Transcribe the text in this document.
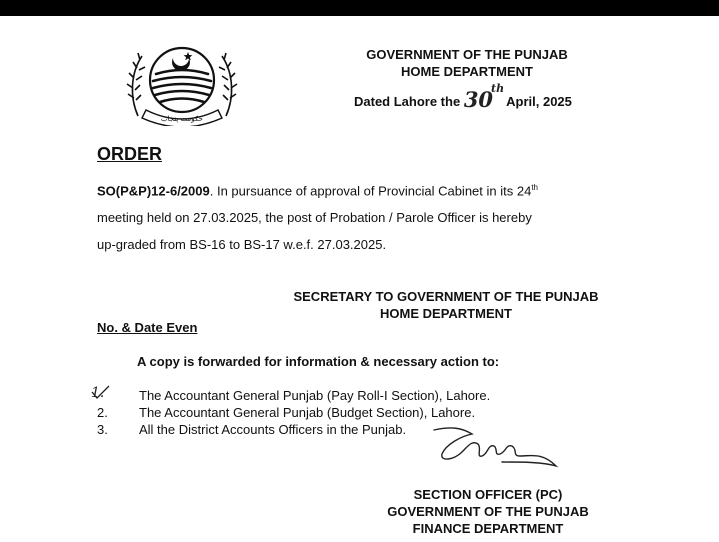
حکومت پنجاب
GOVERNMENT OF THE PUNJAB
HOME DEPARTMENT
Dated Lahore the 30thApril, 2025
ORDER
SO(P&P)12-6/2009. In pursuance of approval of Provincial Cabinet in its 24th
meeting held on 27.03.2025, the post of Probation / Parole Officer is hereby
up-graded from BS-16 to BS-17 w.e.f. 27.03.2025.
SECRETARY TO GOVERNMENT OF THE PUNJAB
HOME DEPARTMENT
No. & Date Even
A copy is forwarded for information & necessary action to:
1.	The Accountant General Punjab (Pay Roll-I Section), Lahore.
2.	The Accountant General Punjab (Budget Section), Lahore.
3.	All the District Accounts Officers in the Punjab.
SECTION OFFICER (PC)
GOVERNMENT OF THE PUNJAB
FINANCE DEPARTMENT
